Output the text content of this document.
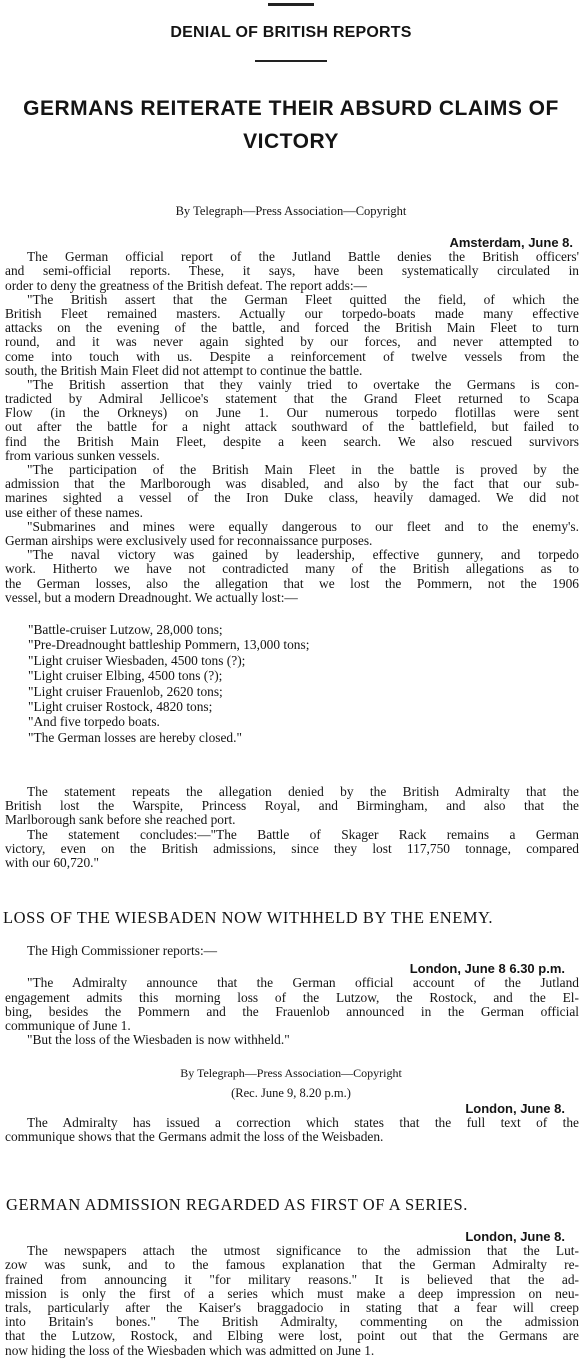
DENIAL OF BRITISH REPORTS
GERMANS REITERATE THEIR ABSURD CLAIMS OF VICTORY
By Telegraph—Press Association—Copyright
Amsterdam, June 8.
The German official report of the Jutland Battle denies the British officers'
and semi-official reports. These, it says, have been systematically circulated in
order to deny the greatness of the British defeat. The report adds:—
"The British assert that the German Fleet quitted the field, of which the
British Fleet remained masters. Actually our torpedo-boats made many effective
attacks on the evening of the battle, and forced the British Main Fleet to turn
round, and it was never again sighted by our forces, and never attempted to
come into touch with us. Despite a reinforcement of twelve vessels from the
south, the British Main Fleet did not attempt to continue the battle.
"The British assertion that they vainly tried to overtake the Germans is con-
tradicted by Admiral Jellicoe's statement that the Grand Fleet returned to Scapa
Flow (in the Orkneys) on June 1. Our numerous torpedo flotillas were sent
out after the battle for a night attack southward of the battlefield, but failed to
find the British Main Fleet, despite a keen search. We also rescued survivors
from various sunken vessels.
"The participation of the British Main Fleet in the battle is proved by the
admission that the Marlborough was disabled, and also by the fact that our sub-
marines sighted a vessel of the Iron Duke class, heavily damaged. We did not
use either of these names.
"Submarines and mines were equally dangerous to our fleet and to the enemy's.
German airships were exclusively used for reconnaissance purposes.
"The naval victory was gained by leadership, effective gunnery, and torpedo
work. Hitherto we have not contradicted many of the British allegations as to
the German losses, also the allegation that we lost the Pommern, not the 1906
vessel, but a modern Dreadnought. We actually lost:—
"Battle-cruiser Lutzow, 28,000 tons;
"Pre-Dreadnought battleship Pommern, 13,000 tons;
"Light cruiser Wiesbaden, 4500 tons (?);
"Light cruiser Elbing, 4500 tons (?);
"Light cruiser Frauenlob, 2620 tons;
"Light cruiser Rostock, 4820 tons;
"And five torpedo boats.
"The German losses are hereby closed."
The statement repeats the allegation denied by the British Admiralty that the
British lost the Warspite, Princess Royal, and Birmingham, and also that the
Marlborough sank before she reached port.
The statement concludes:—"The Battle of Skager Rack remains a German
victory, even on the British admissions, since they lost 117,750 tonnage, compared
with our 60,720."
LOSS OF THE WIESBADEN NOW WITHHELD BY THE ENEMY.
The High Commissioner reports:—
London, June 8 6.30 p.m.
"The Admiralty announce that the German official account of the Jutland
engagement admits this morning loss of the Lutzow, the Rostock, and the El-
bing, besides the Pommern and the Frauenlob announced in the German official
communique of June 1.
"But the loss of the Wiesbaden is now withheld."
By Telegraph—Press Association—Copyright
(Rec. June 9, 8.20 p.m.)
London, June 8.
The Admiralty has issued a correction which states that the full text of the
communique shows that the Germans admit the loss of the Weisbaden.
GERMAN ADMISSION REGARDED AS FIRST OF A SERIES.
London, June 8.
The newspapers attach the utmost significance to the admission that the Lut-
zow was sunk, and to the famous explanation that the German Admiralty re-
frained from announcing it "for military reasons." It is believed that the ad-
mission is only the first of a series which must make a deep impression on neu-
trals, particularly after the Kaiser's braggadocio in stating that a fear will creep
into Britain's bones." The British Admiralty, commenting on the admission
that the Lutzow, Rostock, and Elbing were lost, point out that the Germans are
now hiding the loss of the Wiesbaden which was admitted on June 1.
